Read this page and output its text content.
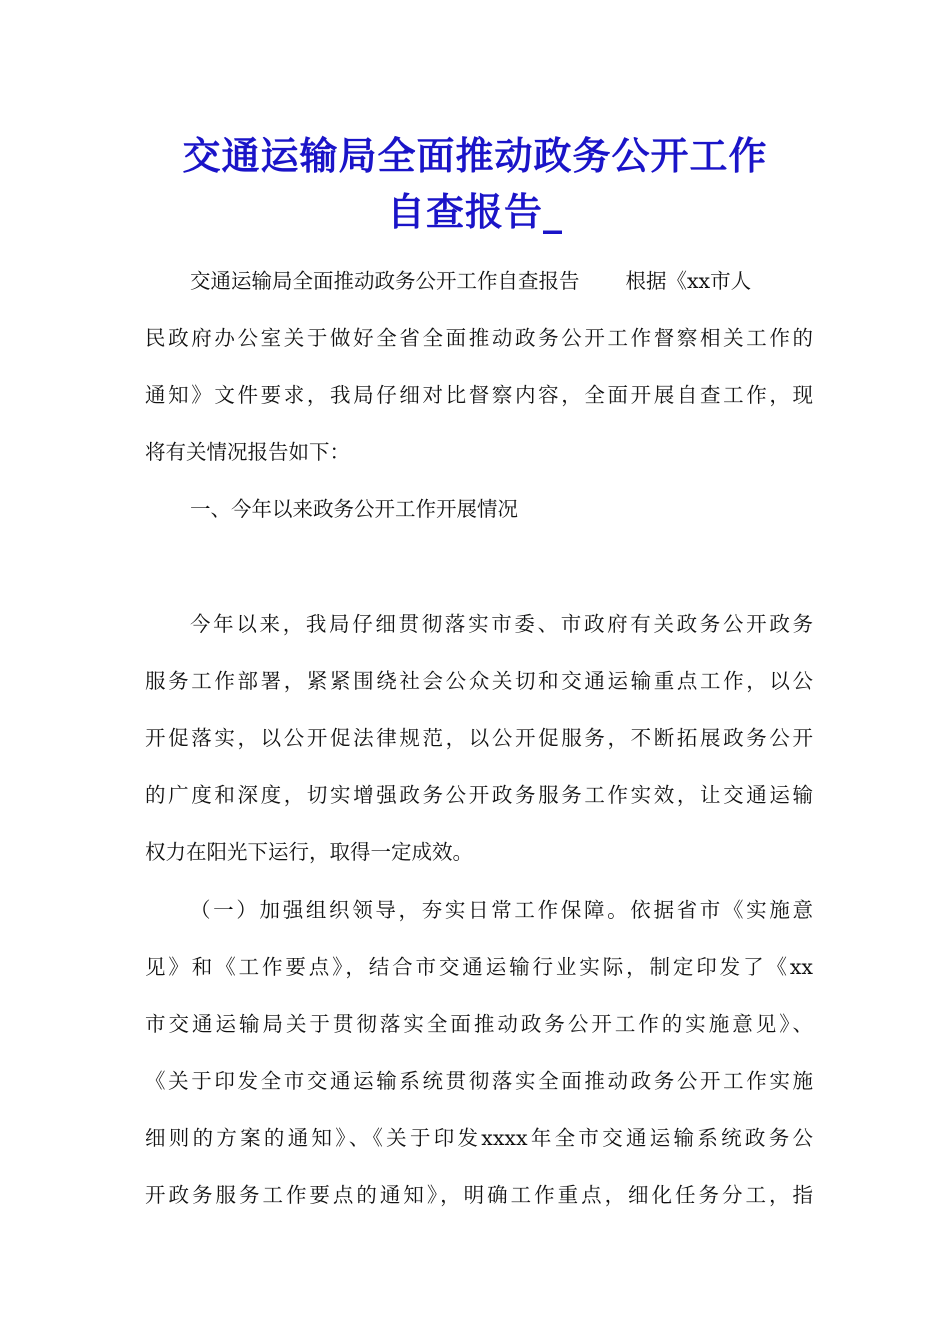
交通运输局全面推动政务公开工作
自查报告_
交通运输局全面推动政务公开工作自查报告 根据《xx市人
民政府办公室关于做好全省全面推动政务公开工作督察相关工作的
通知》文件要求，我局仔细对比督察内容，全面开展自查工作，现
将有关情况报告如下：
一、今年以来政务公开工作开展情况
今年以来，我局仔细贯彻落实市委、市政府有关政务公开政务
服务工作部署，紧紧围绕社会公众关切和交通运输重点工作，以公
开促落实，以公开促法律规范，以公开促服务，不断拓展政务公开
的广度和深度，切实增强政务公开政务服务工作实效，让交通运输
权力在阳光下运行，取得一定成效。
（一）加强组织领导，夯实日常工作保障。依据省市《实施意
见》和《工作要点》，结合市交通运输行业实际，制定印发了《xx
市交通运输局关于贯彻落实全面推动政务公开工作的实施意见》、
《关于印发全市交通运输系统贯彻落实全面推动政务公开工作实施
细则的方案的通知》、《关于印发xxxx年全市交通运输系统政务公
开政务服务工作要点的通知》，明确工作重点，细化任务分工，指
